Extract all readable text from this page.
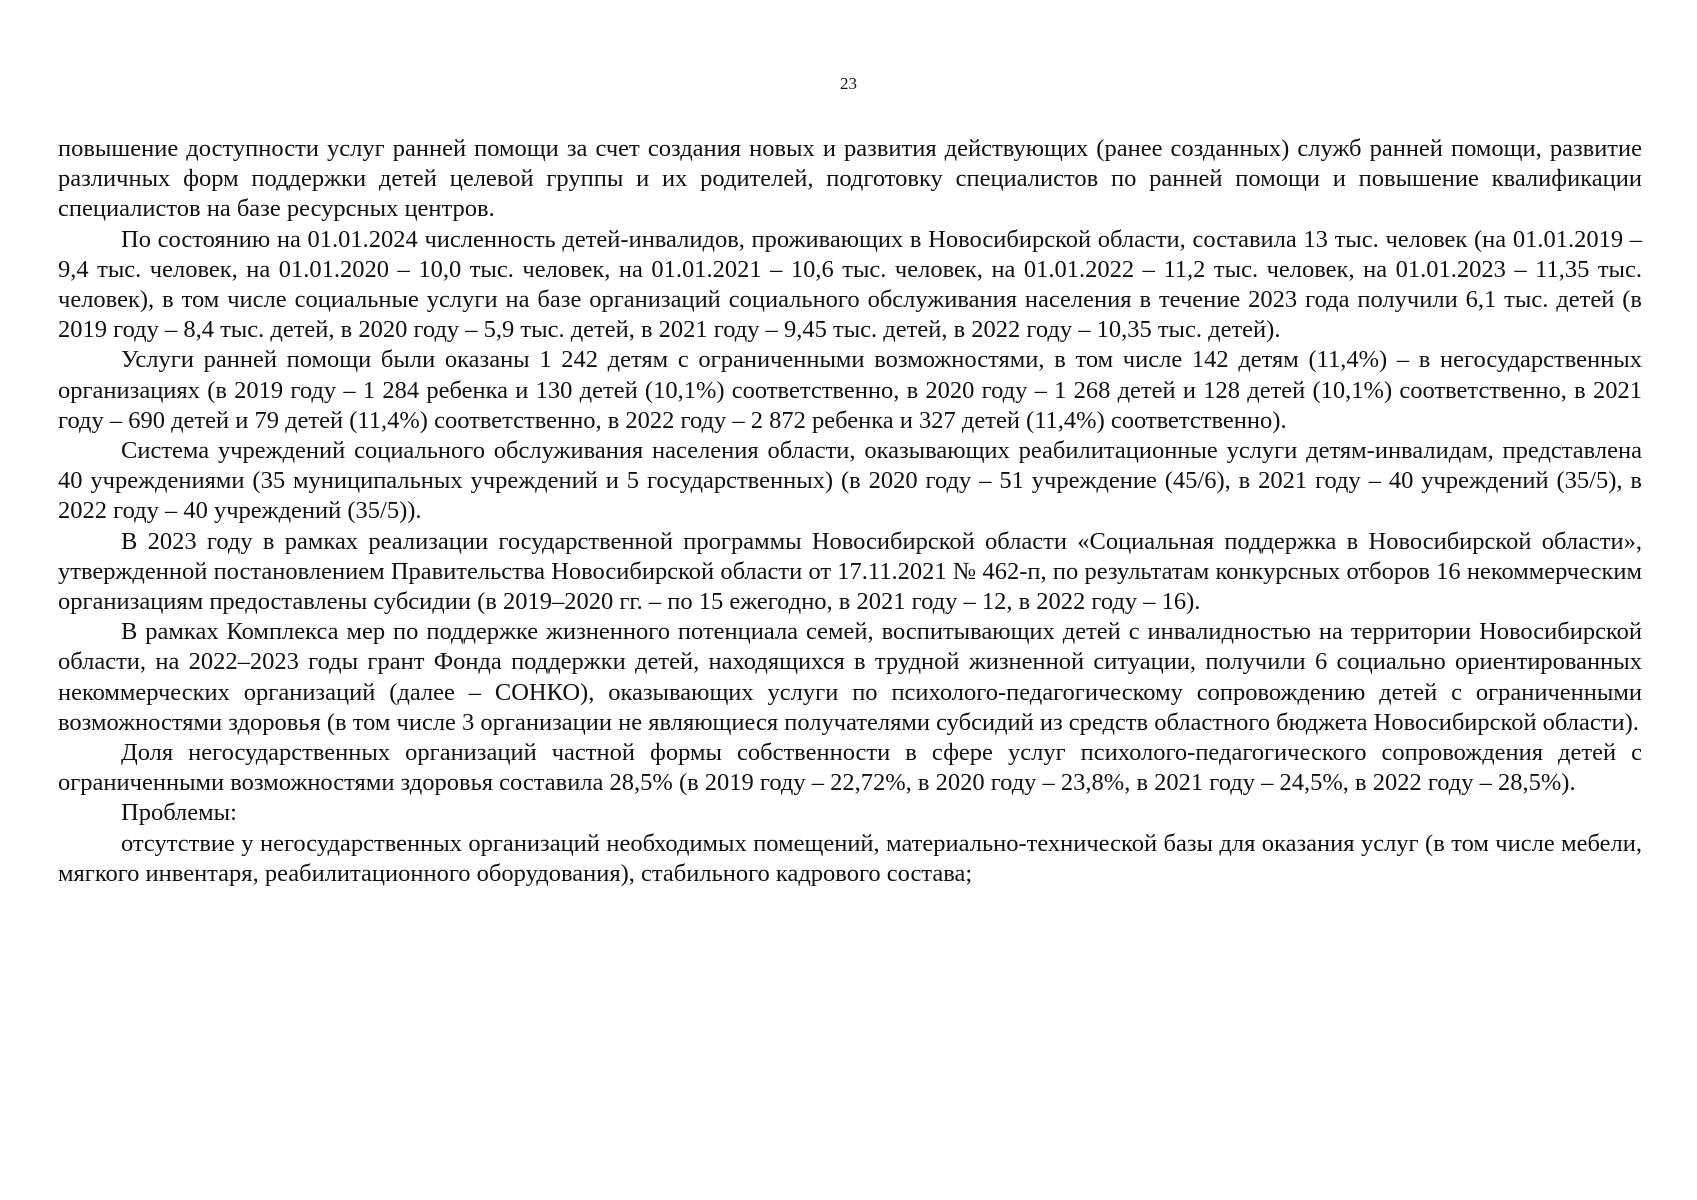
23

повышение доступности услуг ранней помощи за счет создания новых и развития действующих (ранее созданных) служб ранней помощи, развитие различных форм поддержки детей целевой группы и их родителей, подготовку специалистов по ранней помощи и повышение квалификации специалистов на базе ресурсных центров.

По состоянию на 01.01.2024 численность детей-инвалидов, проживающих в Новосибирской области, составила 13 тыс. человек (на 01.01.2019 – 9,4 тыс. человек, на 01.01.2020 – 10,0 тыс. человек, на 01.01.2021 – 10,6 тыс. человек, на 01.01.2022 – 11,2 тыс. человек, на 01.01.2023 – 11,35 тыс. человек), в том числе социальные услуги на базе организаций социального обслуживания населения в течение 2023 года получили 6,1 тыс. детей (в 2019 году – 8,4 тыс. детей, в 2020 году – 5,9 тыс. детей, в 2021 году – 9,45 тыс. детей, в 2022 году – 10,35 тыс. детей).

Услуги ранней помощи были оказаны 1 242 детям с ограниченными возможностями, в том числе 142 детям (11,4%) – в негосударственных организациях (в 2019 году – 1 284 ребенка и 130 детей (10,1%) соответственно, в 2020 году – 1 268 детей и 128 детей (10,1%) соответственно, в 2021 году – 690 детей и 79 детей (11,4%) соответственно, в 2022 году – 2 872 ребенка и 327 детей (11,4%) соответственно).

Система учреждений социального обслуживания населения области, оказывающих реабилитационные услуги детям-инвалидам, представлена 40 учреждениями (35 муниципальных учреждений и 5 государственных) (в 2020 году – 51 учреждение (45/6), в 2021 году – 40 учреждений (35/5), в 2022 году – 40 учреждений (35/5)).

В 2023 году в рамках реализации государственной программы Новосибирской области «Социальная поддержка в Новосибирской области», утвержденной постановлением Правительства Новосибирской области от 17.11.2021 № 462-п, по результатам конкурсных отборов 16 некоммерческим организациям предоставлены субсидии (в 2019–2020 гг. – по 15 ежегодно, в 2021 году – 12, в 2022 году – 16).

В рамках Комплекса мер по поддержке жизненного потенциала семей, воспитывающих детей с инвалидностью на территории Новосибирской области, на 2022–2023 годы грант Фонда поддержки детей, находящихся в трудной жизненной ситуации, получили 6 социально ориентированных некоммерческих организаций (далее – СОНКО), оказывающих услуги по психолого-педагогическому сопровождению детей с ограниченными возможностями здоровья (в том числе 3 организации не являющиеся получателями субсидий из средств областного бюджета Новосибирской области).

Доля негосударственных организаций частной формы собственности в сфере услуг психолого-педагогического сопровождения детей с ограниченными возможностями здоровья составила 28,5% (в 2019 году – 22,72%, в 2020 году – 23,8%, в 2021 году – 24,5%, в 2022 году – 28,5%).

Проблемы:

отсутствие у негосударственных организаций необходимых помещений, материально-технической базы для оказания услуг (в том числе мебели, мягкого инвентаря, реабилитационного оборудования), стабильного кадрового состава;
